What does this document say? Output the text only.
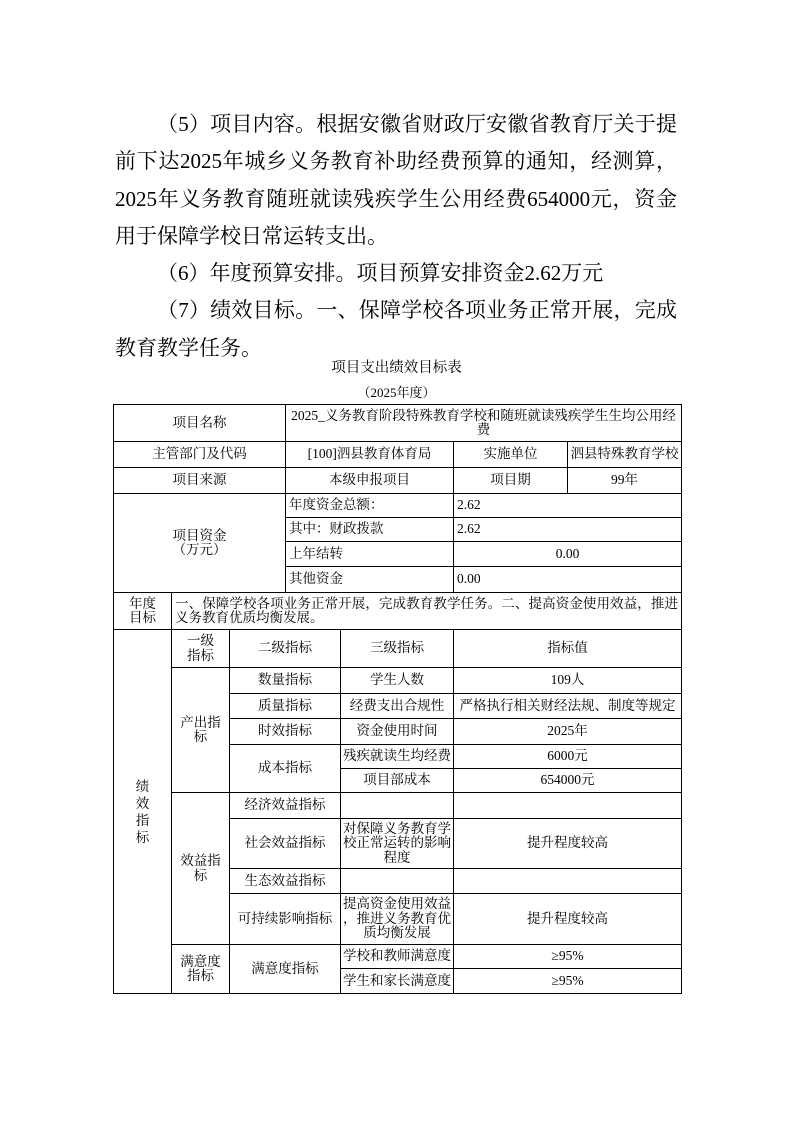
（5）项目内容。根据安徽省财政厅安徽省教育厅关于提
前下达2025年城乡义务教育补助经费预算的通知，经测算，
2025年义务教育随班就读残疾学生公用经费654000元，资金
用于保障学校日常运转支出。
（6）年度预算安排。项目预算安排资金2.62万元
（7）绩效目标。一、保障学校各项业务正常开展，完成
教育教学任务。
项目支出绩效目标表
（2025年度）
项目名称			2025_义务教育阶段特殊教育学校和随班就读残疾学生生均公用经费			
主管部门及代码			[100]泗县教育体育局		实施单位	泗县特殊教育学校
项目来源			本级申报项目		项目期	99年

项目资金
（万元）			年度资金总额：		2.62	
			其中：财政拨款		2.62	
			上年结转		0.00	
			其他资金		0.00	
年度目标	一、保障学校各项业务正常开展，完成教育教学任务。二、提高资金使用效益，推进义务教育优质均衡发展。					
绩效指标	一级指标	二级指标		三级指标	指标值	
	产出指标	数量指标		学生人数	109人	
		质量指标		经费支出合规性	严格执行相关财经法规、制度等规定	
		时效指标		资金使用时间	2025年	
		成本指标		残疾就读生均经费	6000元	
				项目部成本	654000元	
	效益指标	经济效益指标				
		社会效益指标		对保障义务教育学校正常运转的影响程度	提升程度较高	
		生态效益指标				
		可持续影响指标		提高资金使用效益，推进义务教育优质均衡发展	提升程度较高	
	满意度指标	满意度指标		学校和教师满意度	≥95%	
				学生和家长满意度	≥95%	
